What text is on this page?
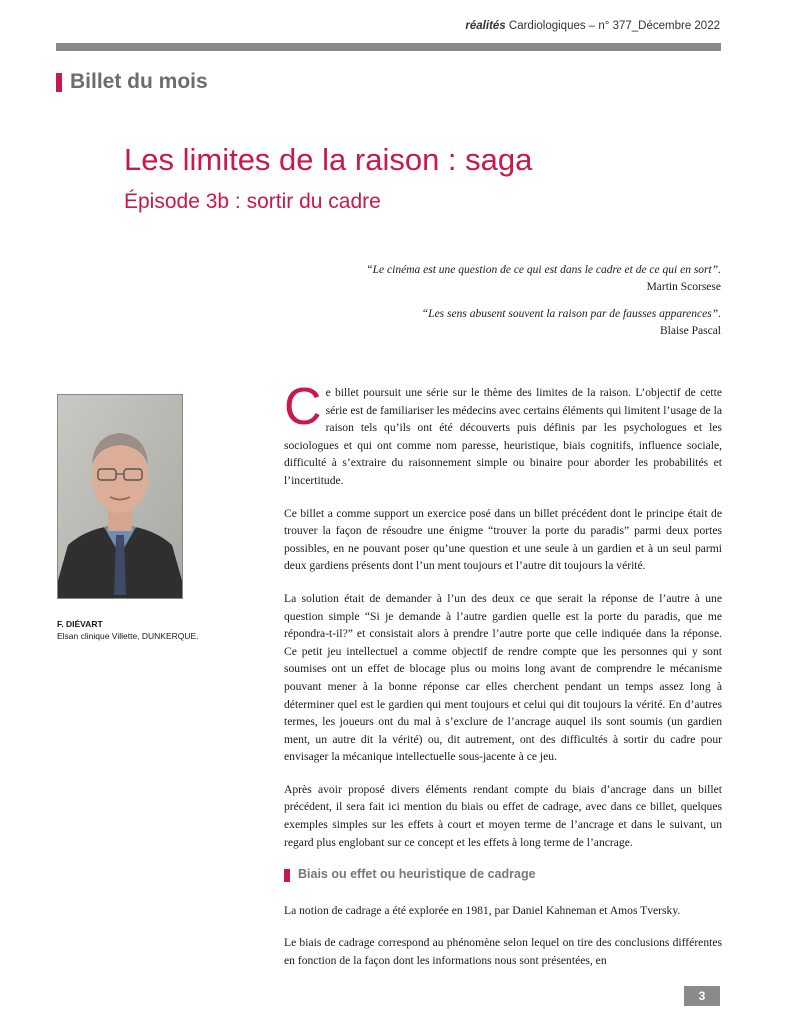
réalités Cardiologiques – n° 377_Décembre 2022
Billet du mois
Les limites de la raison : saga
Épisode 3b : sortir du cadre
“Le cinéma est une question de ce qui est dans le cadre et de ce qui en sort”.
Martin Scorsese
“Les sens abusent souvent la raison par de fausses apparences”.
Blaise Pascal
F. DIÉVART
Elsan clinique Villette, DUNKERQUE.

Ce billet poursuit une série sur le thème des limites de la raison. L’objectif de cette série est de familiariser les médecins avec certains éléments qui limitent l’usage de la raison tels qu’ils ont été découverts puis définis par les psychologues et les sociologues et qui ont comme nom paresse, heuristique, biais cognitifs, influence sociale, difficulté à s’extraire du raisonnement simple ou binaire pour aborder les probabilités et l’incertitude.

Ce billet a comme support un exercice posé dans un billet précédent dont le principe était de trouver la façon de résoudre une énigme “trouver la porte du paradis” parmi deux portes possibles, en ne pouvant poser qu’une question et une seule à un gardien et à un seul parmi deux gardiens présents dont l’un ment toujours et l’autre dit toujours la vérité.

La solution était de demander à l’un des deux ce que serait la réponse de l’autre à une question simple “Si je demande à l’autre gardien quelle est la porte du paradis, que me répondra-t-il?” et consistait alors à prendre l’autre porte que celle indiquée dans la réponse. Ce petit jeu intellectuel a comme objectif de rendre compte que les personnes qui y sont soumises ont un effet de blocage plus ou moins long avant de comprendre le mécanisme pouvant mener à la bonne réponse car elles cherchent pendant un temps assez long à déterminer quel est le gardien qui ment toujours et celui qui dit toujours la vérité. En d’autres termes, les joueurs ont du mal à s’exclure de l’ancrage auquel ils sont soumis (un gardien ment, un autre dit la vérité) ou, dit autrement, ont des difficultés à sortir du cadre pour envisager la mécanique intellectuelle sous-jacente à ce jeu.

Après avoir proposé divers éléments rendant compte du biais d’ancrage dans un billet précédent, il sera fait ici mention du biais ou effet de cadrage, avec dans ce billet, quelques exemples simples sur les effets à court et moyen terme de l’ancrage et dans le suivant, un regard plus englobant sur ce concept et les effets à long terme de l’ancrage.

Biais ou effet ou heuristique de cadrage

La notion de cadrage a été explorée en 1981, par Daniel Kahneman et Amos Tversky.

Le biais de cadrage correspond au phénomène selon lequel on tire des conclusions différentes en fonction de la façon dont les informations nous sont présentées, en

3
